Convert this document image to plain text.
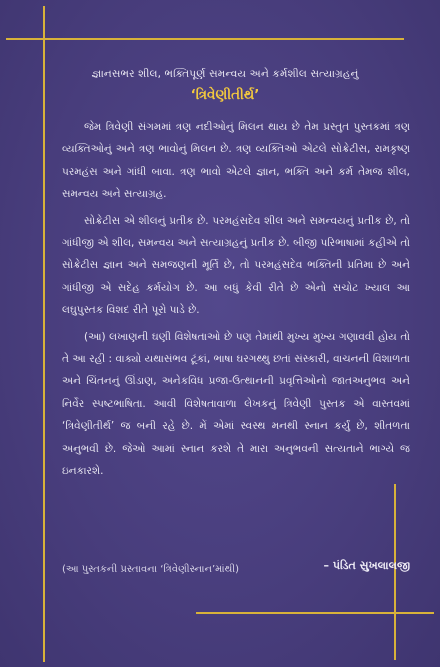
જ્ઞાનસભર શીલ, ભક્તિપૂર્ણ સમન્વય અને કર્મશીલ સત્યાગ્રહનું
‘ત્રિવેણીતીર્થ’

જેમ ત્રિવેણી સંગમમાં ત્રણ નદીઓનું મિલન થાય છે તેમ પ્રસ્તુત પુસ્તકમાં ત્રણ વ્યક્તિઓનું અને ત્રણ ભાવોનું મિલન છે. ત્રણ વ્યક્તિઓ એટલે સોક્રેટીસ, રામકૃષ્ણ પરમહંસ અને ગાંધી બાવા. ત્રણ ભાવો એટલે જ્ઞાન, ભક્તિ અને કર્મ તેમજ શીલ, સમન્વય અને સત્યાગ્રહ.

સોક્રેટીસ એ શીલનું પ્રતીક છે. પરમહંસદેવ શીલ અને સમન્વયનું પ્રતીક છે, તો ગાંધીજી એ શીલ, સમન્વય અને સત્યાગ્રહનું પ્રતીક છે. બીજી પરિભાષામાં કહીએ તો સોક્રેટીસ જ્ઞાન અને સમજણની મૂર્તિ છે, તો પરમહંસદેવ ભક્તિની પ્રતિમા છે અને ગાંધીજી એ સદેહ કર્મયોગ છે. આ બધું કેવી રીતે છે એનો સચોટ ખ્યાલ આ લઘુપુસ્તક વિશદ રીતે પૂરો પાડે છે.

(આ) લખાણની ઘણી વિશેષતાઓ છે પણ તેમાંથી મુખ્ય મુખ્ય ગણાવવી હોય તો તે આ રહી : વાક્યો યથાસંભવ ટૂંકાં, ભાષા ઘરગથ્થુ છતાં સંસ્કારી, વાચનની વિશાળતા અને ચિંતનનું ઊંડાણ, અનેકવિધ પ્રજા-ઉત્થાનની પ્રવૃત્તિઓનો જાતઅનુભવ અને નિર્વેર સ્પષ્ટભાષિતા. આવી વિશેષતાવાળા લેખકનું ત્રિવેણી પુસ્તક એ વાસ્તવમાં ‘ત્રિવેણીતીર્થ’ જ બની રહે છે. મેં એમાં સ્વસ્થ મનથી સ્નાન કર્યું છે, શીતળતા અનુભવી છે. જેઓ આમાં સ્નાન કરશે તે મારા અનુભવની સત્યતાને ભાગ્યે જ ઇનકારશે.

(આ પુસ્તકની પ્રસ્તાવના ‘ત્રિવેણીસ્નાન’માંથી)	– પંડિત સુખલાલજી
